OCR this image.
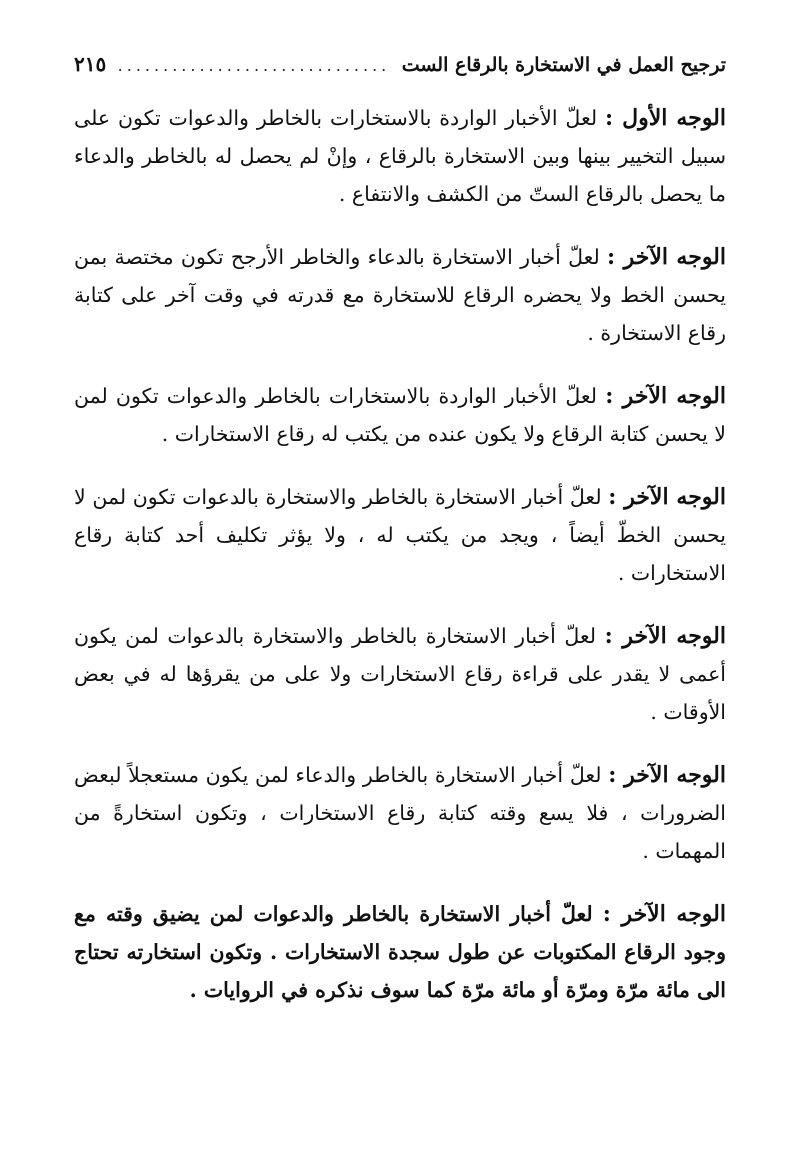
ترجيح العمل في الاستخارة بالرقاع الست
..............................
٢١٥

الوجه الأول : لعلّ الأخبار الواردة بالاستخارات بالخاطر والدعوات تكون على سبيل التخيير بينها وبين الاستخارة بالرقاع ، وإنْ لم يحصل له بالخاطر والدعاء ما يحصل بالرقاع الستّ من الكشف والانتفاع .

الوجه الآخر : لعلّ أخبار الاستخارة بالدعاء والخاطر الأرجح تكون مختصة بمن يحسن الخط ولا يحضره الرقاع للاستخارة مع قدرته في وقت آخر على كتابة رقاع الاستخارة .

الوجه الآخر : لعلّ الأخبار الواردة بالاستخارات بالخاطر والدعوات تكون لمن لا يحسن كتابة الرقاع ولا يكون عنده من يكتب له رقاع الاستخارات .

الوجه الآخر : لعلّ أخبار الاستخارة بالخاطر والاستخارة بالدعوات تكون لمن لا يحسن الخطّ أيضاً ، ويجد من يكتب له ، ولا يؤثر تكليف أحد كتابة رقاع الاستخارات .

الوجه الآخر : لعلّ أخبار الاستخارة بالخاطر والاستخارة بالدعوات لمن يكون أعمى لا يقدر على قراءة رقاع الاستخارات ولا على من يقرؤها له في بعض الأوقات .

الوجه الآخر : لعلّ أخبار الاستخارة بالخاطر والدعاء لمن يكون مستعجلاً لبعض الضرورات ، فلا يسع وقته كتابة رقاع الاستخارات ، وتكون استخارةً من المهمات .

الوجه الآخر : لعلّ أخبار الاستخارة بالخاطر والدعوات لمن يضيق وقته مع وجود الرقاع المكتوبات عن طول سجدة الاستخارات . وتكون استخارته تحتاج الى مائة مرّة ومرّة أو مائة مرّة كما سوف نذكره في الروايات .
